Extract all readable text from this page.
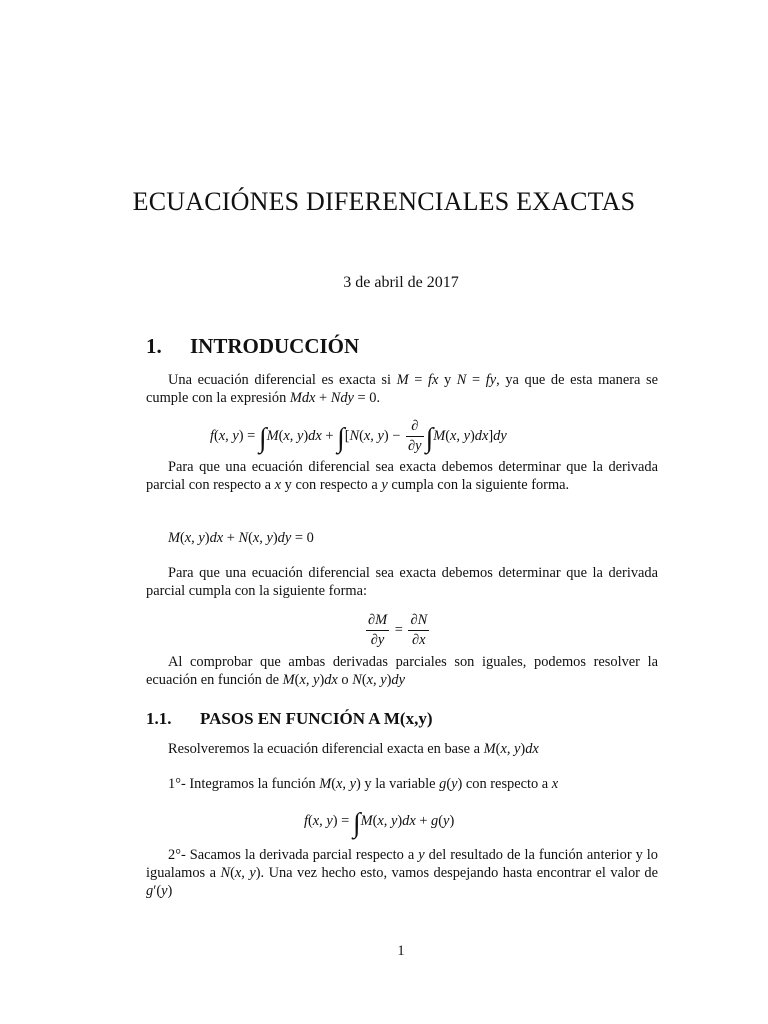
ECUACIÓNES DIFERENCIALES EXACTAS
3 de abril de 2017
1. INTRODUCCIÓN
Una ecuación diferencial es exacta si M = fx y N = fy, ya que de esta manera se cumple con la expresión Mdx + Ndy = 0.
f(x, y) = ∫M(x, y)dx + ∫[N(x, $y) - \frac{\partial}{\partial y} \int M(x$, y)dx]dy
Para que una ecuación diferencial sea exacta debemos determinar que la derivada parcial con respecto a x y con respecto a y cumpla con la siguiente forma.
M(x, y)dx + N(x, y)dy = 0
Para que una ecuación diferencial sea exacta debemos determinar que la derivada parcial cumpla con la siguiente forma:
$\frac{\partial M}{\partial y} = \frac{\partial N}{\partial x}$
Al comprobar que ambas derivadas parciales son iguales, podemos resolver la ecuación en función de M(x, y)dx o N(x, y)dy
1.1. PASOS EN FUNCIÓN A M(x,y)
Resolveremos la ecuación diferencial exacta en base a M(x, y)dx
1°- Integramos la función M(x, y) y la variable g(y) con respecto a x
f(x, y) = ∫M(x, y)dx + g(y)
2°- Sacamos la derivada parcial respecto a y del resultado de la función anterior y lo igualamos a N(x, y). Una vez hecho esto, vamos despejando hasta encontrar el valor de g′(y)
1
